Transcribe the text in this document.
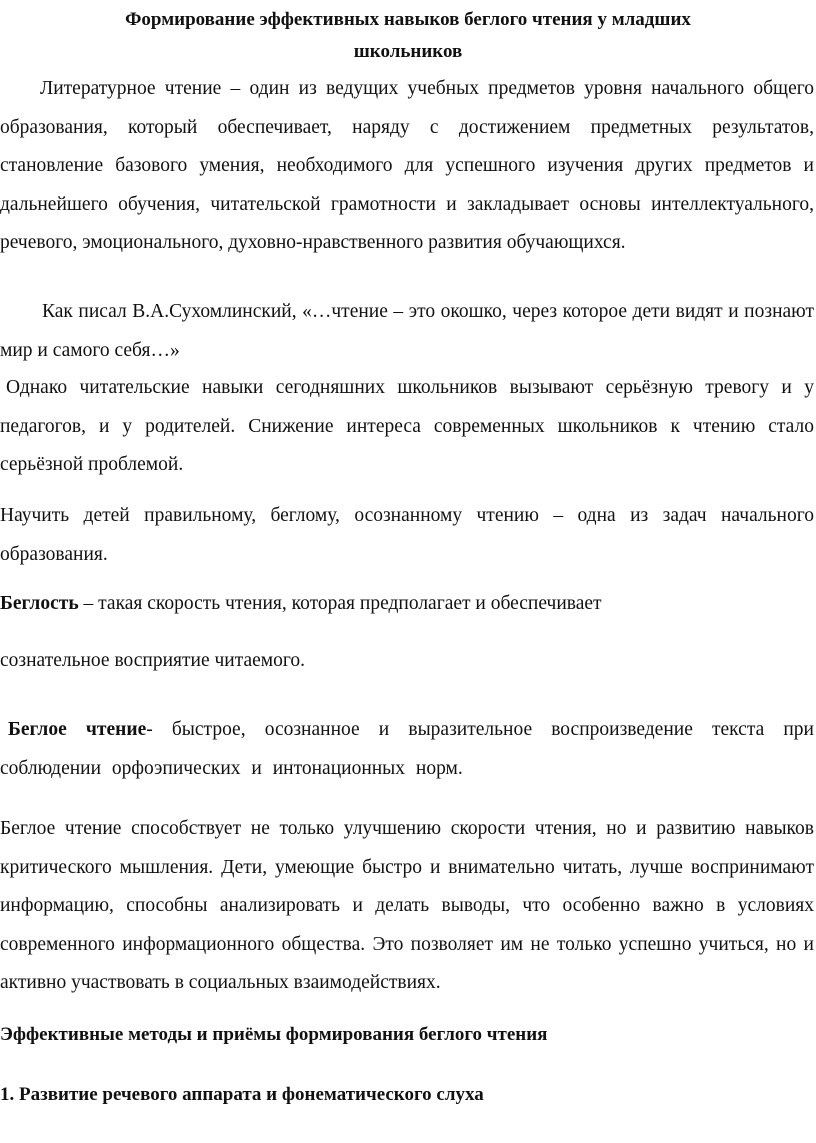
Формирование эффективных навыков беглого чтения у младших
школьников

Литературное чтение – один из ведущих учебных предметов уровня начального общего образования, который обеспечивает, наряду с достижением предметных результатов, становление базового умения, необходимого для успешного изучения других предметов и дальнейшего обучения, читательской грамотности и закладывает основы интеллектуального, речевого, эмоционального, духовно-нравственного развития обучающихся.

Как писал В.А.Сухомлинский, «…чтение – это окошко, через которое дети видят и познают мир и самого себя…»

Однако читательские навыки сегодняшних школьников вызывают серьёзную тревогу и у педагогов, и у родителей. Снижение интереса современных школьников к чтению стало серьёзной проблемой.

Научить детей правильному, беглому, осознанному чтению – одна из задач начального образования.

Беглость – такая скорость чтения, которая предполагает и обеспечивает

сознательное восприятие читаемого.

Беглое чтение- быстрое, осознанное и выразительное воспроизведение текста при соблюдении орфоэпических и интонационных норм.

Беглое чтение способствует не только улучшению скорости чтения, но и развитию навыков критического мышления. Дети, умеющие быстро и внимательно читать, лучше воспринимают информацию, способны анализировать и делать выводы, что особенно важно в условиях современного информационного общества. Это позволяет им не только успешно учиться, но и активно участвовать в социальных взаимодействиях.

Эффективные методы и приёмы формирования беглого чтения
1. Развитие речевого аппарата и фонематического слуха
